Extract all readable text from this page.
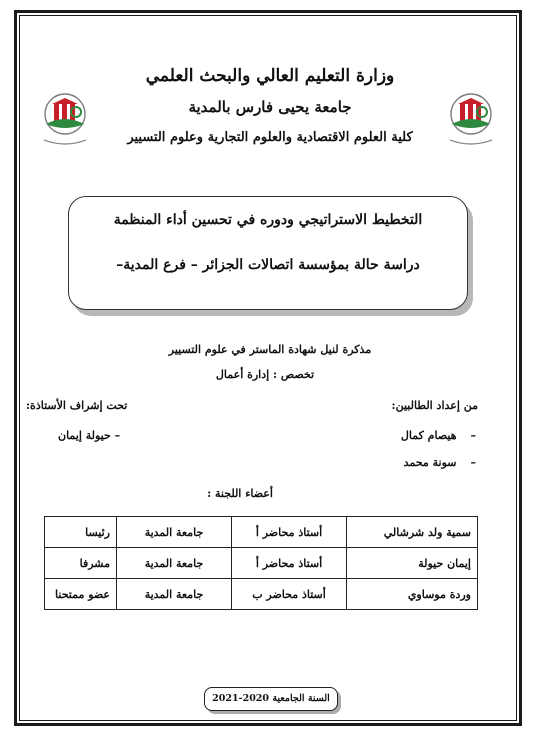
وزارة التعليم العالي والبحث العلمي
جامعة يحيى فارس بالمدية
كلية العلوم الاقتصادية والعلوم التجارية وعلوم التسيير
التخطيط الاستراتيجي ودوره في تحسين أداء المنظمة
دراسة حالة بمؤسسة اتصالات الجزائر – فرع المدية–
مذكرة لنيل شهادة الماستر في علوم التسيير
تخصص : إدارة أعمال
من إعداد الطالبين:
تحت إشراف الأستاذة:
–هيصام كمال
–سونة محمد
– حيولة إيمان
أعضاء اللجنة :
سمية ولد شرشالي	أستاذ محاضر أ	جامعة المدية	رئيسا
إيمان حيولة	أستاذ محاضر أ	جامعة المدية	مشرفا
وردة موساوي	أستاذ محاضر ب	جامعة المدية	عضو ممتحنا
السنة الجامعية 2020-2021
